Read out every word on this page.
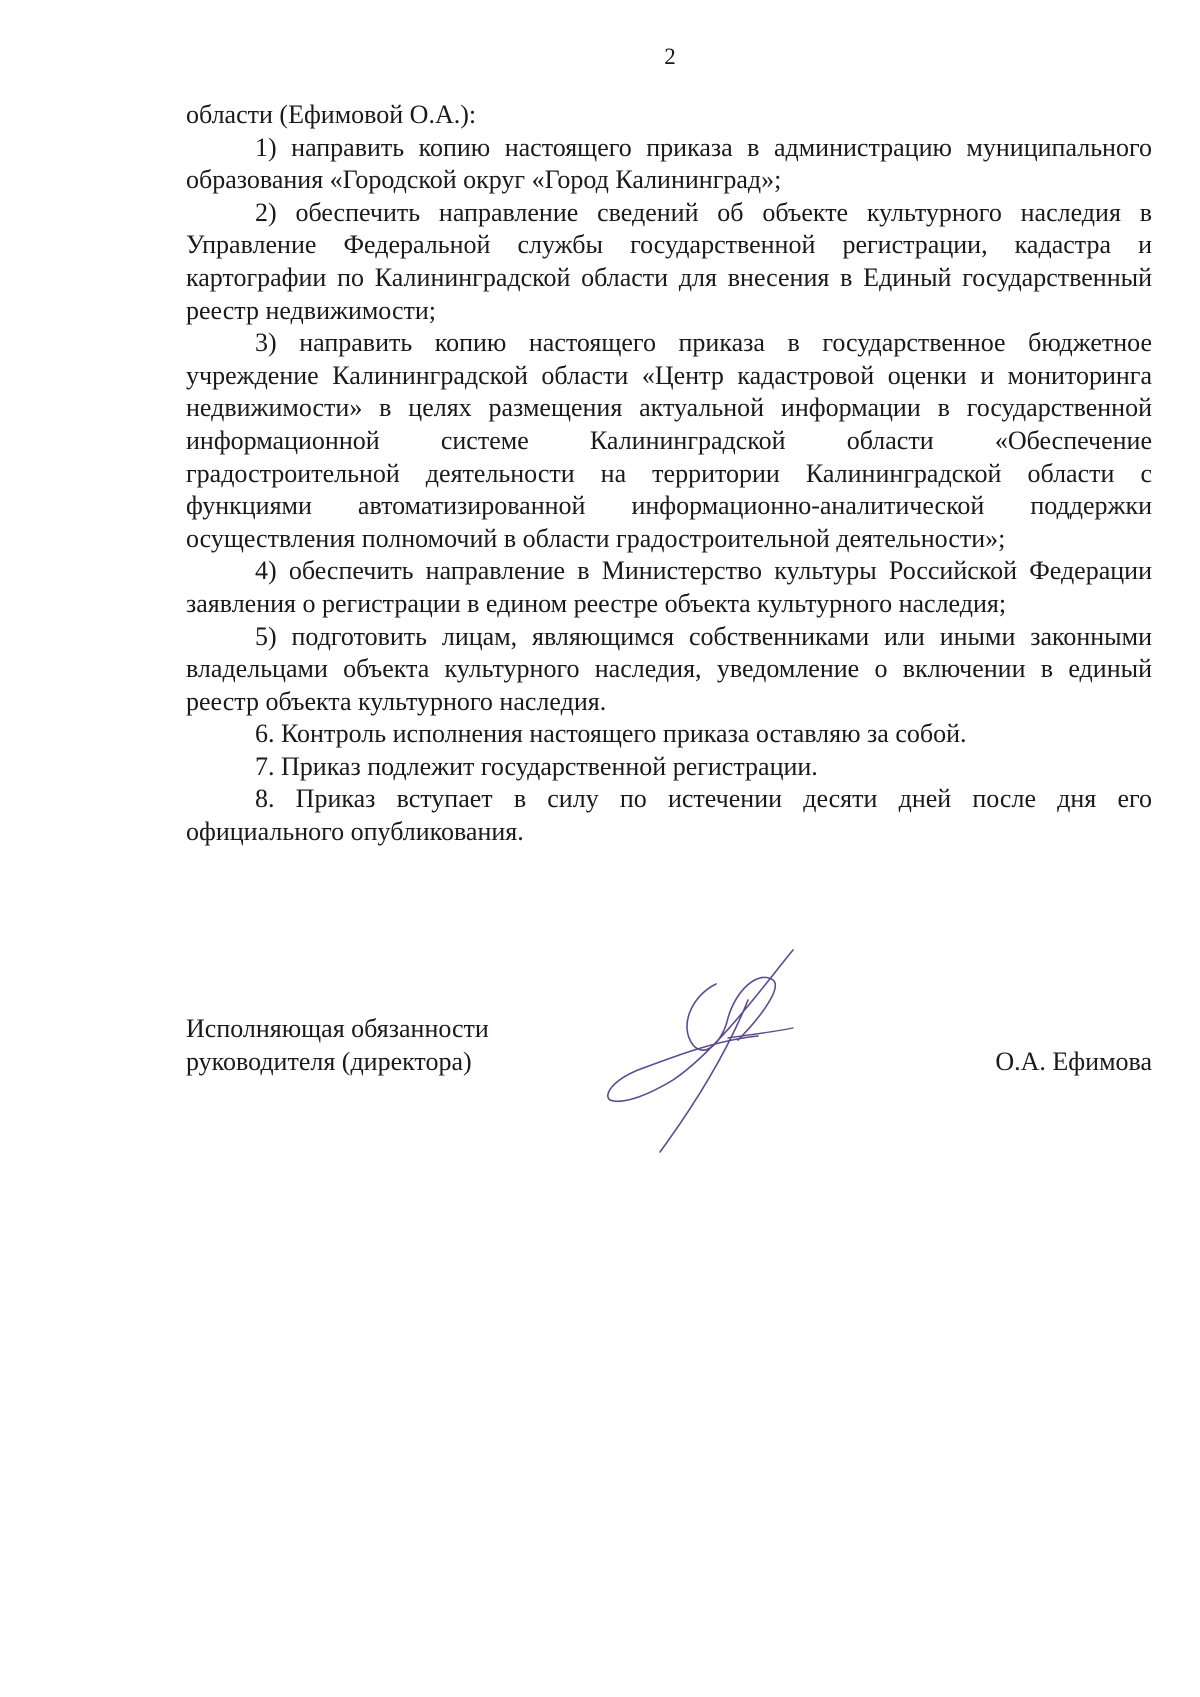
2

области (Ефимовой О.А.):

1) направить копию настоящего приказа в администрацию муниципального образования «Городской округ «Город Калининград»;

2) обеспечить направление сведений об объекте культурного наследия в Управление Федеральной службы государственной регистрации, кадастра и картографии по Калининградской области для внесения в Единый государственный реестр недвижимости;

3) направить копию настоящего приказа в государственное бюджетное учреждение Калининградской области «Центр кадастровой оценки и мониторинга недвижимости» в целях размещения актуальной информации в государственной информационной системе Калининградской области «Обеспечение градостроительной деятельности на территории Калининградской области с функциями автоматизированной информационно-аналитической поддержки осуществления полномочий в области градостроительной деятельности»;

4) обеспечить направление в Министерство культуры Российской Федерации заявления о регистрации в едином реестре объекта культурного наследия;

5) подготовить лицам, являющимся собственниками или иными законными владельцами объекта культурного наследия, уведомление о включении в единый реестр объекта культурного наследия.

6. Контроль исполнения настоящего приказа оставляю за собой.

7. Приказ подлежит государственной регистрации.

8. Приказ вступает в силу по истечении десяти дней после дня его официального опубликования.

Исполняющая обязанности
руководителя (директора)	О.А. Ефимова
